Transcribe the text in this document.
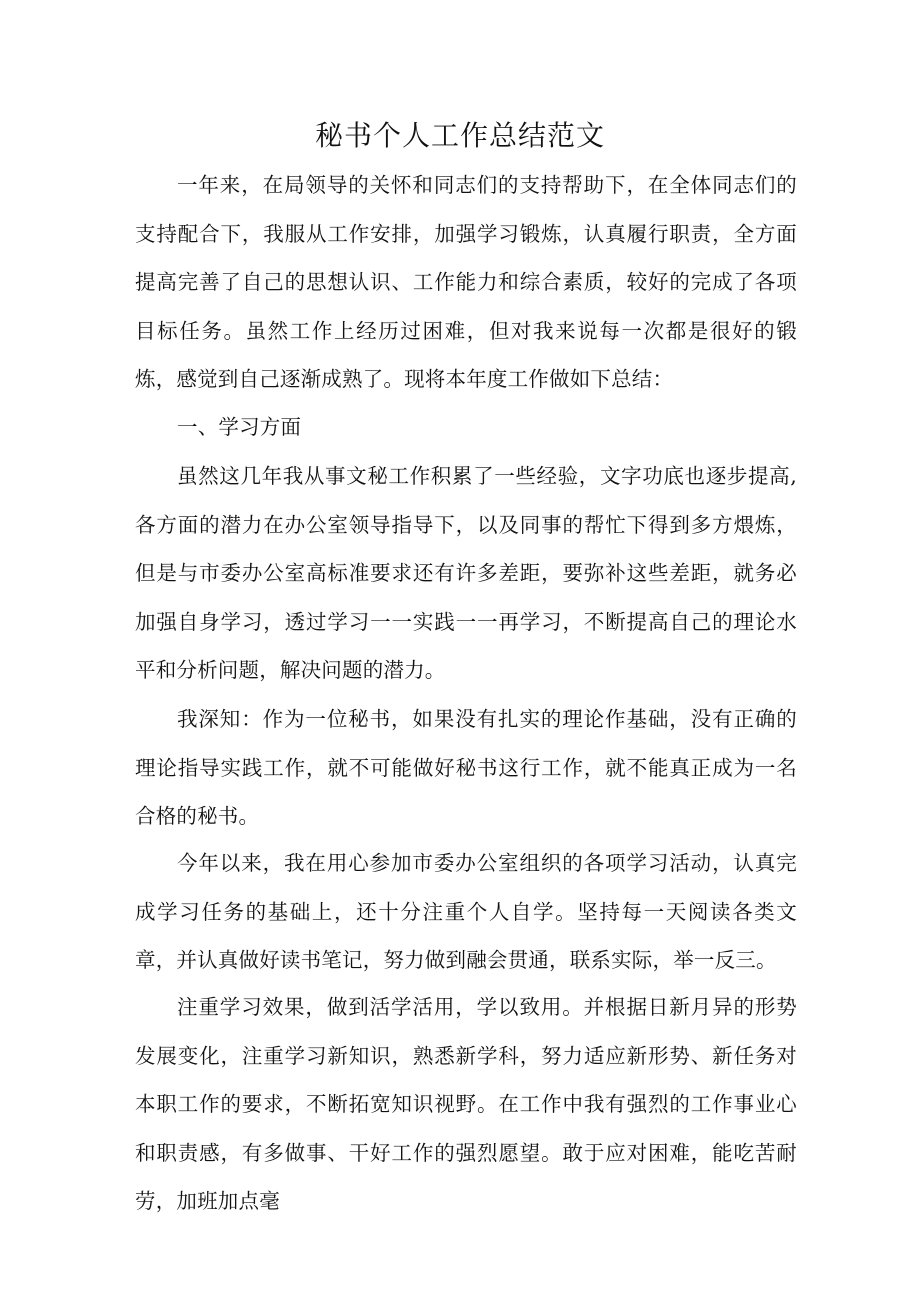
秘书个人工作总结范文

一年来，在局领导的关怀和同志们的支持帮助下，在全体同志们的支持配合下，我服从工作安排，加强学习锻炼，认真履行职责，全方面提高完善了自己的思想认识、工作能力和综合素质，较好的完成了各项目标任务。虽然工作上经历过困难，但对我来说每一次都是很好的锻炼，感觉到自己逐渐成熟了。现将本年度工作做如下总结：

一、学习方面

虽然这几年我从事文秘工作积累了一些经验，文字功底也逐步提高,各方面的潜力在办公室领导指导下，以及同事的帮忙下得到多方煨炼，但是与市委办公室高标准要求还有许多差距，要弥补这些差距，就务必加强自身学习，透过学习一一实践一一再学习，不断提高自己的理论水平和分析问题，解决问题的潜力。

我深知：作为一位秘书，如果没有扎实的理论作基础，没有正确的理论指导实践工作，就不可能做好秘书这行工作，就不能真正成为一名合格的秘书。

今年以来，我在用心参加市委办公室组织的各项学习活动，认真完成学习任务的基础上，还十分注重个人自学。坚持每一天阅读各类文章，并认真做好读书笔记，努力做到融会贯通，联系实际，举一反三。

注重学习效果，做到活学活用，学以致用。并根据日新月异的形势发展变化，注重学习新知识，熟悉新学科，努力适应新形势、新任务对本职工作的要求，不断拓宽知识视野。在工作中我有强烈的工作事业心和职责感，有多做事、干好工作的强烈愿望。敢于应对困难，能吃苦耐劳，加班加点毫
